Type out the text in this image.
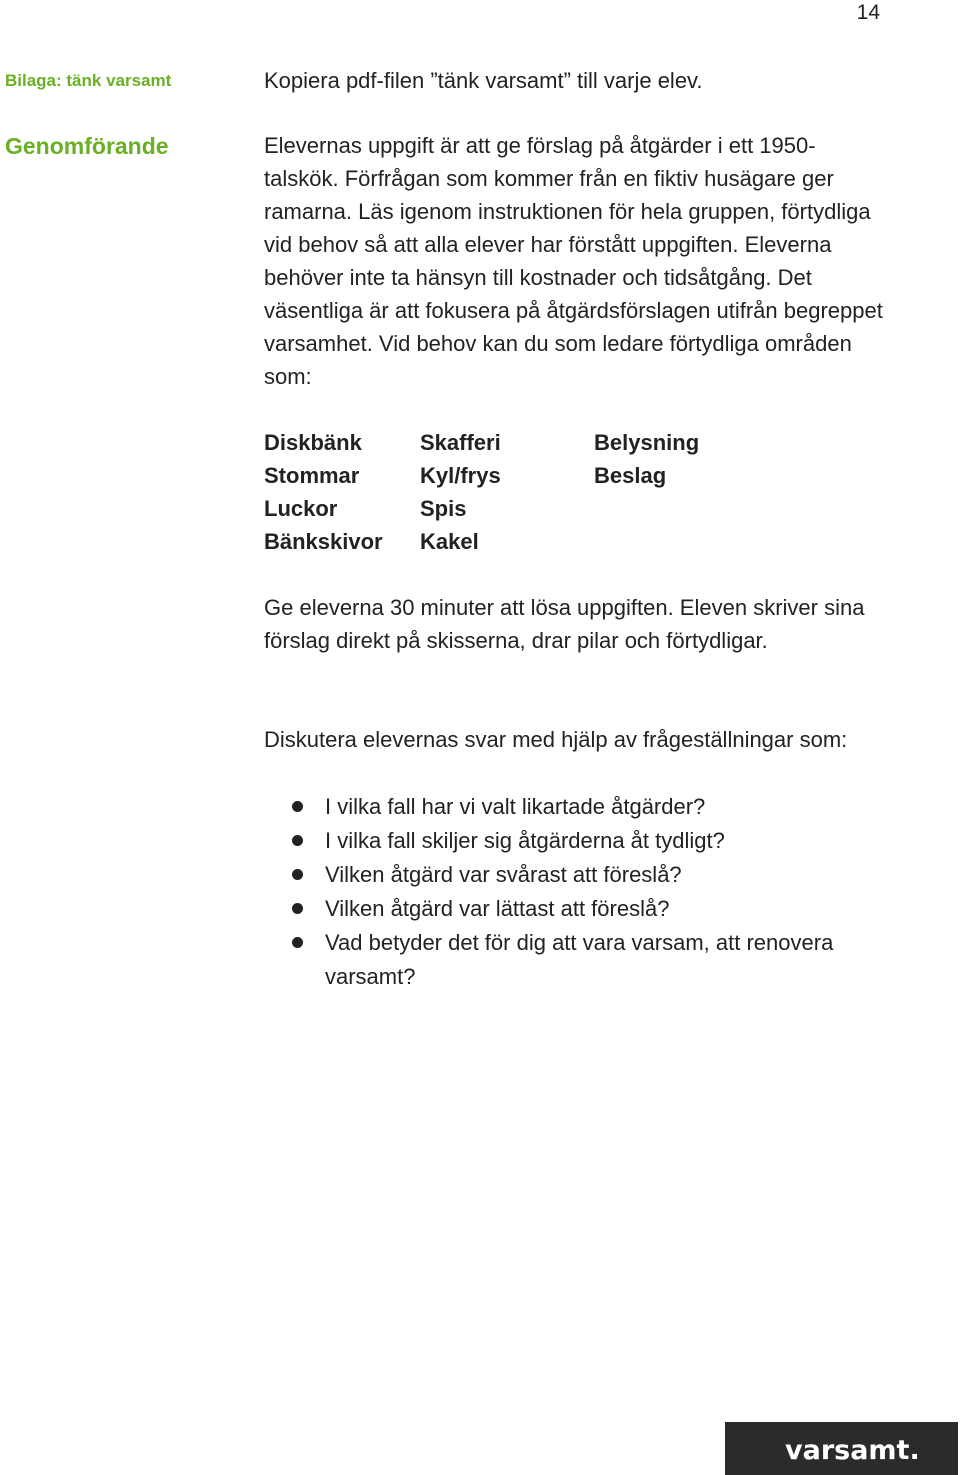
14
Bilaga: tänk varsamt
Genomförande

Kopiera pdf-filen ”tänk varsamt” till varje elev.

Elevernas uppgift är att ge förslag på åtgärder i ett 1950-talskök. Förfrågan som kommer från en fiktiv husägare ger ramarna. Läs igenom instruktionen för hela gruppen, förtydliga vid behov så att alla elever har förstått uppgiften. Eleverna behöver inte ta hänsyn till kostnader och tidsåtgång. Det väsentliga är att fokusera på åtgärdsförslagen utifrån begreppet varsamhet. Vid behov kan du som ledare förtydliga områden som:

Diskbänk
Stommar
Luckor
Bänkskivor
Skafferi
Kyl/frys
Spis
Kakel
Belysning
Beslag

Ge eleverna 30 minuter att lösa uppgiften. Eleven skriver sina förslag direkt på skisserna, drar pilar och förtydligar.

Diskutera elevernas svar med hjälp av frågeställningar som:

I vilka fall har vi valt likartade åtgärder?
I vilka fall skiljer sig åtgärderna åt tydligt?
Vilken åtgärd var svårast att föreslå?
Vilken åtgärd var lättast att föreslå?
Vad betyder det för dig att vara varsam, att renovera varsamt?
varsamt.
